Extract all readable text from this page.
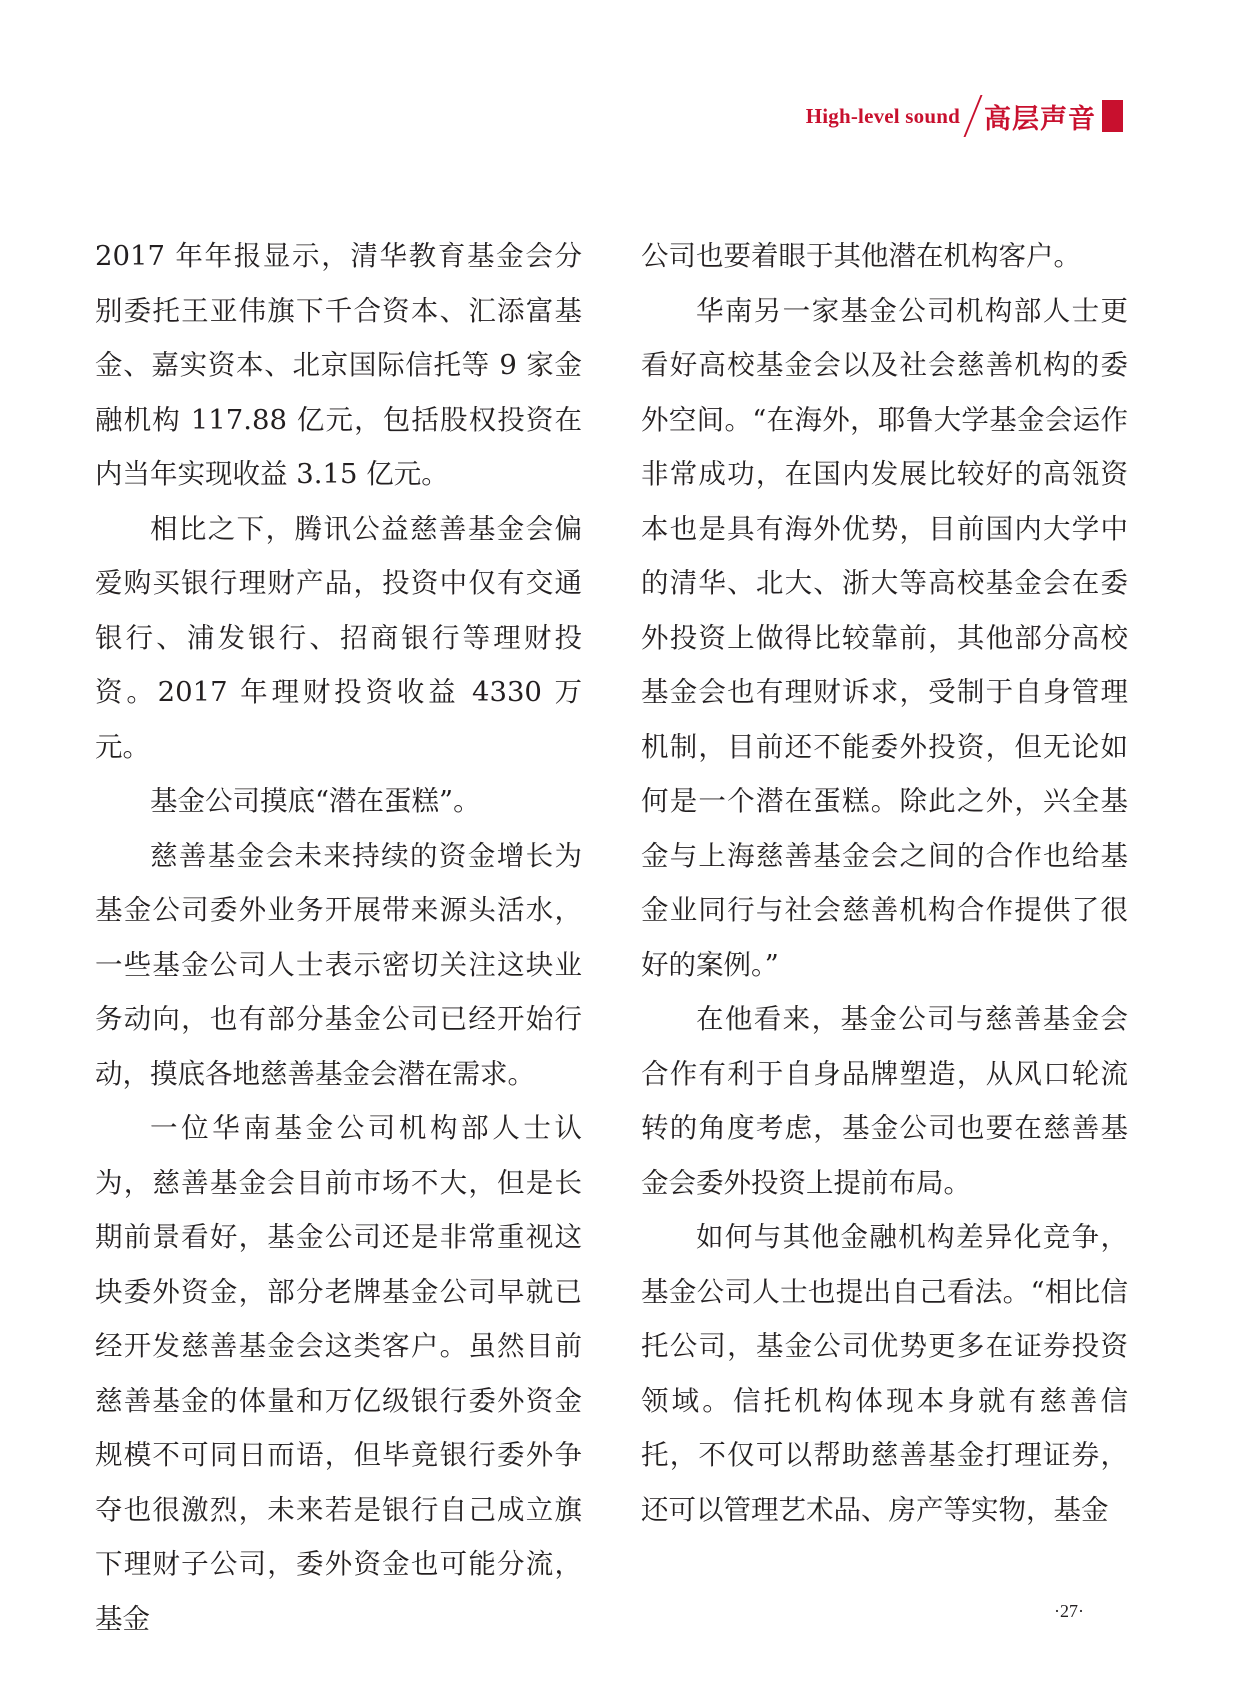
High-level sound 高层声音

2017 年年报显示，清华教育基金会分别委托王亚伟旗下千合资本、汇添富基金、嘉实资本、北京国际信托等 9 家金融机构 117.88 亿元，包括股权投资在内当年实现收益 3.15 亿元。

相比之下，腾讯公益慈善基金会偏爱购买银行理财产品，投资中仅有交通银行、浦发银行、招商银行等理财投资。2017 年理财投资收益 4330 万元。

基金公司摸底“潜在蛋糕”。

慈善基金会未来持续的资金增长为基金公司委外业务开展带来源头活水，一些基金公司人士表示密切关注这块业务动向，也有部分基金公司已经开始行动，摸底各地慈善基金会潜在需求。

一位华南基金公司机构部人士认为，慈善基金会目前市场不大，但是长期前景看好，基金公司还是非常重视这块委外资金，部分老牌基金公司早就已经开发慈善基金会这类客户。虽然目前慈善基金的体量和万亿级银行委外资金规模不可同日而语，但毕竟银行委外争夺也很激烈，未来若是银行自己成立旗下理财子公司，委外资金也可能分流，基金

公司也要着眼于其他潜在机构客户。

华南另一家基金公司机构部人士更看好高校基金会以及社会慈善机构的委外空间。“在海外，耶鲁大学基金会运作非常成功，在国内发展比较好的高瓴资本也是具有海外优势，目前国内大学中的清华、北大、浙大等高校基金会在委外投资上做得比较靠前，其他部分高校基金会也有理财诉求，受制于自身管理机制，目前还不能委外投资，但无论如何是一个潜在蛋糕。除此之外，兴全基金与上海慈善基金会之间的合作也给基金业同行与社会慈善机构合作提供了很好的案例。”

在他看来，基金公司与慈善基金会合作有利于自身品牌塑造，从风口轮流转的角度考虑，基金公司也要在慈善基金会委外投资上提前布局。

如何与其他金融机构差异化竞争，基金公司人士也提出自己看法。“相比信托公司，基金公司优势更多在证券投资领域。信托机构体现本身就有慈善信托，不仅可以帮助慈善基金打理证券，还可以管理艺术品、房产等实物，基金

·27·
